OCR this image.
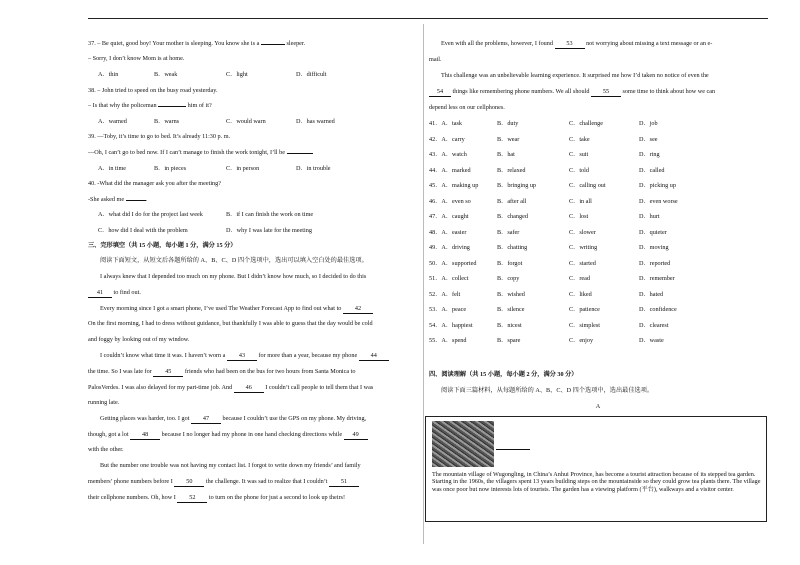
37. – Be quiet, good boy! Your mother is sleeping. You know she is a	sleeper.
– Sorry, I don’t know Mom is at home.
A．thin	B．weak	C．light	D．difficult
38. – John tried to speed on the busy road yesterday.
– Is that why the policeman	him of it?
A．warned	B．warns	C．would warn	D．has warned
39. —Toby, it’s time to go to bed. It’s already 11:30 p. m.
—Oh, I can’t go to bed now. If I can’t manage to finish the work tonight, I’ll be
A．in time	B．in pieces	C．in person	D．in trouble
40. -What did the manager ask you after the meeting?
-She asked me	.
A．what did I do for the project last week	B．if I can finish the work on time
C．how did I deal with the problem	D．why I was late for the meeting
三、完形填空（共 15 小题，每小题 1 分，满分 15 分）
阅读下面短文，从短文后各题所给的 A、B、C、D 四个选项中，选出可以填入空白处的最佳选项。
I always knew that I depended too much on my phone. But I didn’t know how much, so I decided to do this
41 to find out.
Every morning since I got a smart phone, I’ve used The Weather Forecast App to find out what to 42
On the first morning, I had to dress without guidance, but thankfully I was able to guess that the day would be cold
and foggy by looking out of my window.
I couldn’t know what time it was. I haven’t worn a 43 for more than a year, because my phone 44
the time. So I was late for 45 friends who had been on the bus for two hours from Santa Monica to
PalosVerdes. I was also delayed for my part-time job. And 46 I couldn’t call people to tell them that I was
running late.
Getting places was harder, too. I got 47 because I couldn’t use the GPS on my phone. My driving,
though, got a lot 48 because I no longer had my phone in one hand checking directions while 49
with the other.
But the number one trouble was not having my contact list. I forgot to write down my friends’ and family
members’ phone numbers before I 50 the challenge. It was sad to realize that I couldn’t 51
their cellphone numbers. Oh, how I 52 to turn on the phone for just a second to look up theirs!
Even with all the problems, however, I found 53 not worrying about missing a text message or an e-
mail.
This challenge was an unbelievable learning experience. It surprised me how I’d taken no notice of even the
54 things like remembering phone numbers. We all should 55 some time to think about how we can
depend less on our cellphones.
41．A．task	B．duty	C．challenge	D．job
42．A．carry	B．wear	C．take	D．see
43．A．watch	B．hat	C．suit	D．ring
44．A．marked	B．relaxed	C．told	D．called
45．A．making up	B．bringing up	C．calling out	D．picking up
46．A．even so	B．after all	C．in all	D．even worse
47．A．caught	B．changed	C．lost	D．hurt
48．A．easier	B．safer	C．slower	D．quieter
49．A．driving	B．chatting	C．writing	D．moving
50．A．supported	B．forgot	C．started	D．reported
51．A．collect	B．copy	C．read	D．remember
52．A．felt	B．wished	C．liked	D．hated
53．A．peace	B．silence	C．patience	D．confidence
54．A．happiest	B．nicest	C．simplest	D．clearest
55．A．spend	B．spare	C．enjoy	D．waste
四、阅读理解（共 15 小题，每小题 2 分，满分 30 分）
阅读下面三篇材料，从每题所给的 A、B、C、D 四个选项中，选出最佳选项。
A
The mountain village of Wugongling, in China’s Anhui Province, has become a tourist attraction because of its stepped tea garden. Starting in the 1960s, the villagers spent 13 years building steps on the mountainside so they could grow tea plants there. The village was once poor but now interests lots of tourists. The garden has a viewing platform (平台), walkways and a visitor center.
